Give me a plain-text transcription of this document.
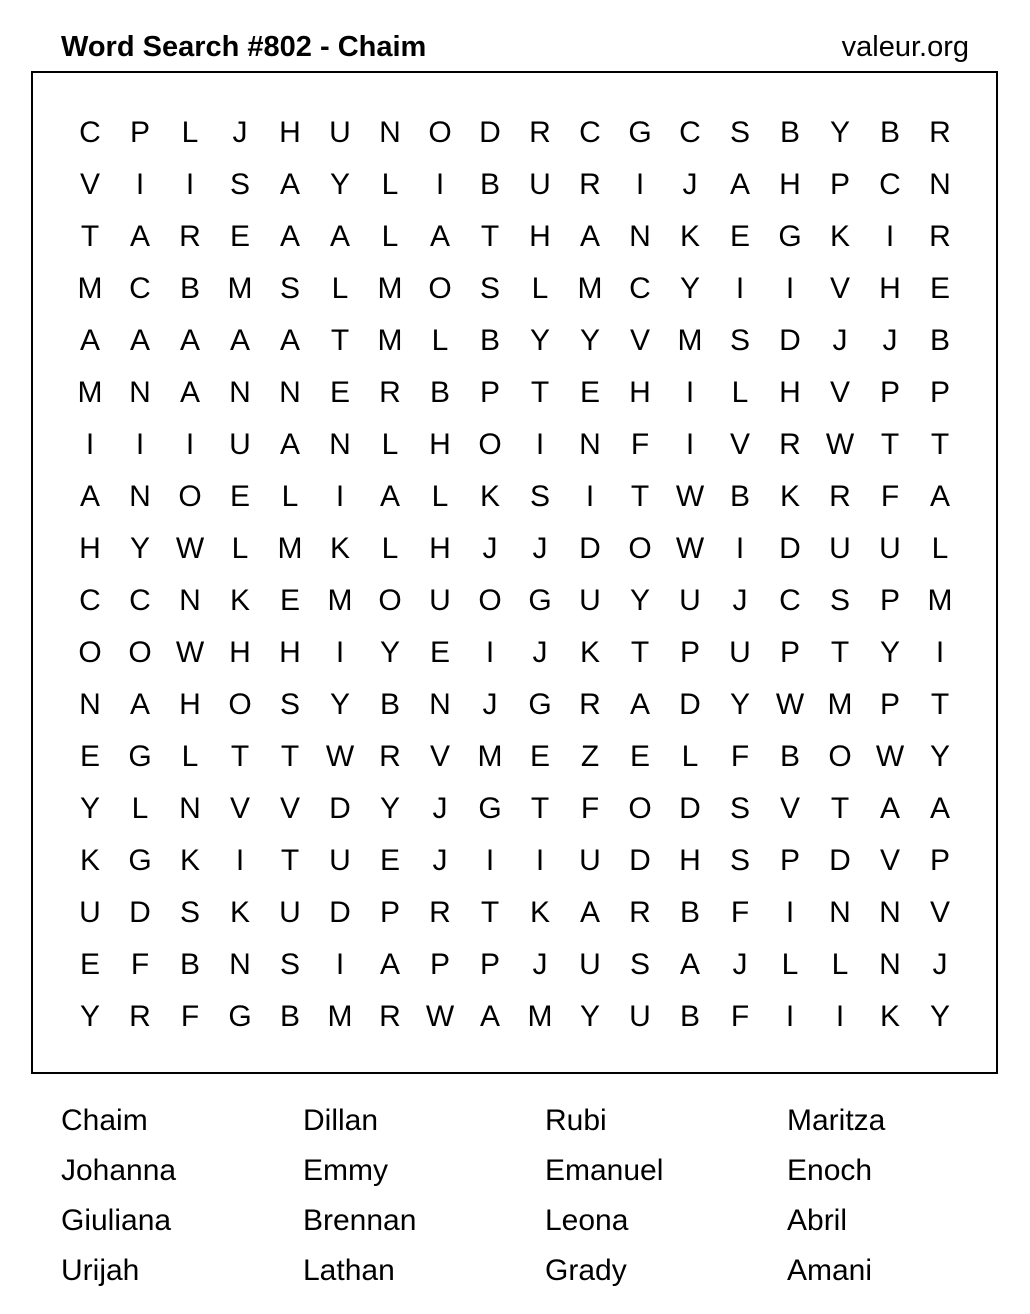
Word Search #802 - Chaim	valeur.org
C P	L	J	H U N O D R C G C S B Y B R
V	I	I	S A Y	L	I	B U R	I	J	A H P C N
T	A R E A A	L	A	T	H A N K E G K	I	R
M C B M S	L M O S	L M C Y	I	I	V H E
A A A A A	T M L	B Y Y V M S D	J	J	B
M N A N N E R B P	T	E H	I	L	H V P P
I	I	I	U A N	L	H O	I	N	F	I	V R W T	T
A N O E	L	I	A	L	K S	I	T W B K R	F	A
H Y W L M K	L	H	J	J	D O W	I	D U U	L
C C N K E M O U O G U Y U	J	C S P M
O O W H H	I	Y E	I	J	K	T	P U P	T	Y	I
N A H O S Y B N	J	G R A D Y W M P	T
E G L	T	T W R V M E	Z	E	L	F	B O W Y
Y	L	N V V D Y	J	G T	F O D S V	T	A A
K G K	I	T	U E	J	I	I	U D H S P D V P
U D S K U D P R	T	K A R B	F	I	N N V
E	F	B N S	I	A P P	J	U S A	J	L	L	N	J
Y R	F G B M R W A M Y U B	F	I	I	K Y
Chaim	Dillan	Rubi	Maritza
Johanna	Emmy	Emanuel	Enoch
Giuliana	Brennan	Leona	Abril
Urijah	Lathan	Grady	Amani
